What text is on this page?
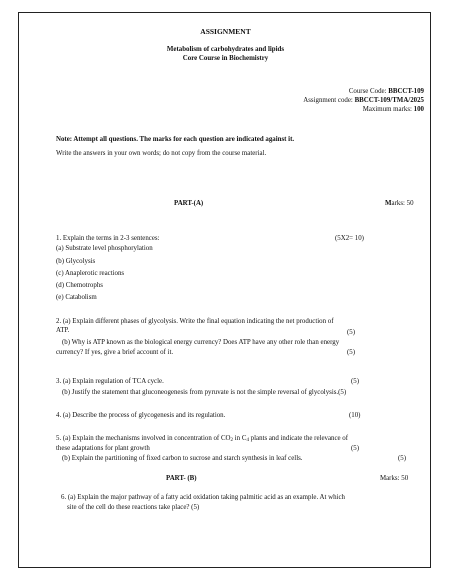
ASSIGNMENT
Metabolism of carbohydrates and lipids
Core Course in Biochemistry
Course Code: BBCCT-109
Assignment code: BBCCT-109/TMA/2025
Maximum marks: 100
Note: Attempt all questions. The marks for each question are indicated against it.
Write the answers in your own words; do not copy from the course material.
PART-(A)	Marks: 50
1. Explain the terms in 2-3 sentences:	(5X2= 10)
(a) Substrate level phosphorylation
(b) Glycolysis
(c) Anaplerotic reactions
(d) Chemotrophs
(e) Catabolism
2. (a) Explain different phases of glycolysis. Write the final equation indicating the net production of
ATP.	(5)
(b) Why is ATP known as the biological energy currency? Does ATP have any other role than energy
currency? If yes, give a brief account of it.	(5)
3. (a) Explain regulation of TCA cycle.	(5)
(b) Justify the statement that gluconeogenesis from pyruvate is not the simple reversal of glycolysis.(5)
4. (a) Describe the process of glycogenesis and its regulation.	(10)
5. (a) Explain the mechanisms involved in concentration of $CO_2$ in $C_4$ plants and indicate the relevance of
these adaptations for plant growth	(5)
(b) Explain the partitioning of fixed carbon to sucrose and starch synthesis in leaf cells.	(5)
PART- (B)	Marks: 50
6. (a) Explain the major pathway of a fatty acid oxidation taking palmitic acid as an example. At which
site of the cell do these reactions take place? (5)
